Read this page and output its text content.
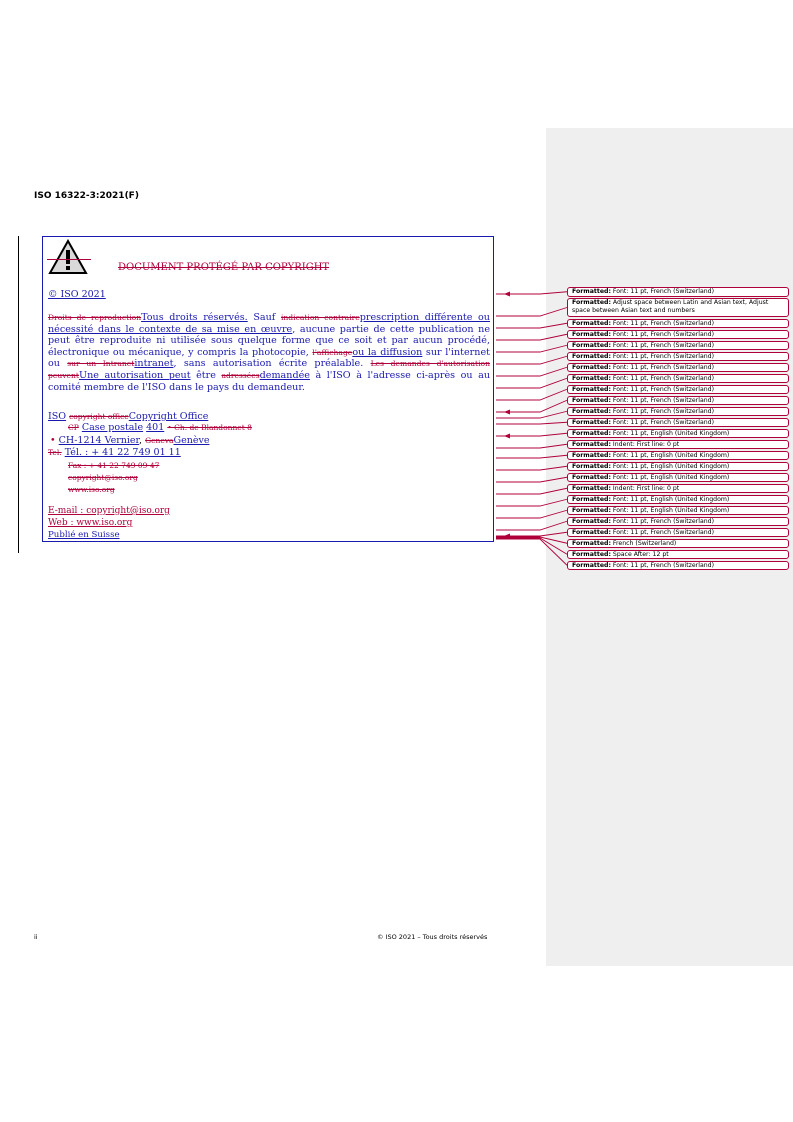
ISO 16322-3:2021(F)
DOCUMENT PROTÉGÉ PAR COPYRIGHT
© ISO 2021
Droits de reproductionTous droits réservés. Sauf indication contraireprescription différente ou nécessité dans le contexte de sa mise en œuvre, aucune partie de cette publication ne peut être reproduite ni utilisée sous quelque forme que ce soit et par aucun procédé, électronique ou mécanique, y compris la photocopie, l'affichageou la diffusion sur l'internet ou sur un Intranetintranet, sans autorisation écrite préalable. Les demandes d'autorisation peuventUne autorisation peut être adresséesdemandée à l'ISO à l'adresse ci-après ou au comité membre de l'ISO dans le pays du demandeur.
ISO copyright officeCopyright Office
CP Case postale 401 • Ch. de Blandonnet 8
• CH-1214 Vernier, GenevaGenève
Tel. Tél. : + 41 22 749 01 11
Fax : + 41 22 749 09 47
copyright@iso.org
www.iso.org
E-mail : copyright@iso.org
Web : www.iso.org
Publié en Suisse
Formatted: Font: 11 pt, French (Switzerland)
Formatted: Adjust space between Latin and Asian text, Adjust space between Asian text and numbers
Formatted: Font: 11 pt, French (Switzerland)
Formatted: Font: 11 pt, French (Switzerland)
Formatted: Font: 11 pt, French (Switzerland)
Formatted: Font: 11 pt, French (Switzerland)
Formatted: Font: 11 pt, French (Switzerland)
Formatted: Font: 11 pt, French (Switzerland)
Formatted: Font: 11 pt, French (Switzerland)
Formatted: Font: 11 pt, French (Switzerland)
Formatted: Font: 11 pt, French (Switzerland)
Formatted: Font: 11 pt, French (Switzerland)
Formatted: Font: 11 pt, English (United Kingdom)
Formatted: Indent: First line: 0 pt
Formatted: Font: 11 pt, English (United Kingdom)
Formatted: Font: 11 pt, English (United Kingdom)
Formatted: Font: 11 pt, English (United Kingdom)
Formatted: Indent: First line: 0 pt
Formatted: Font: 11 pt, English (United Kingdom)
Formatted: Font: 11 pt, English (United Kingdom)
Formatted: Font: 11 pt, French (Switzerland)
Formatted: Font: 11 pt, French (Switzerland)
Formatted: French (Switzerland)
Formatted: Space After: 12 pt
Formatted: Font: 11 pt, French (Switzerland)
ii	© ISO 2021 – Tous droits réservés
